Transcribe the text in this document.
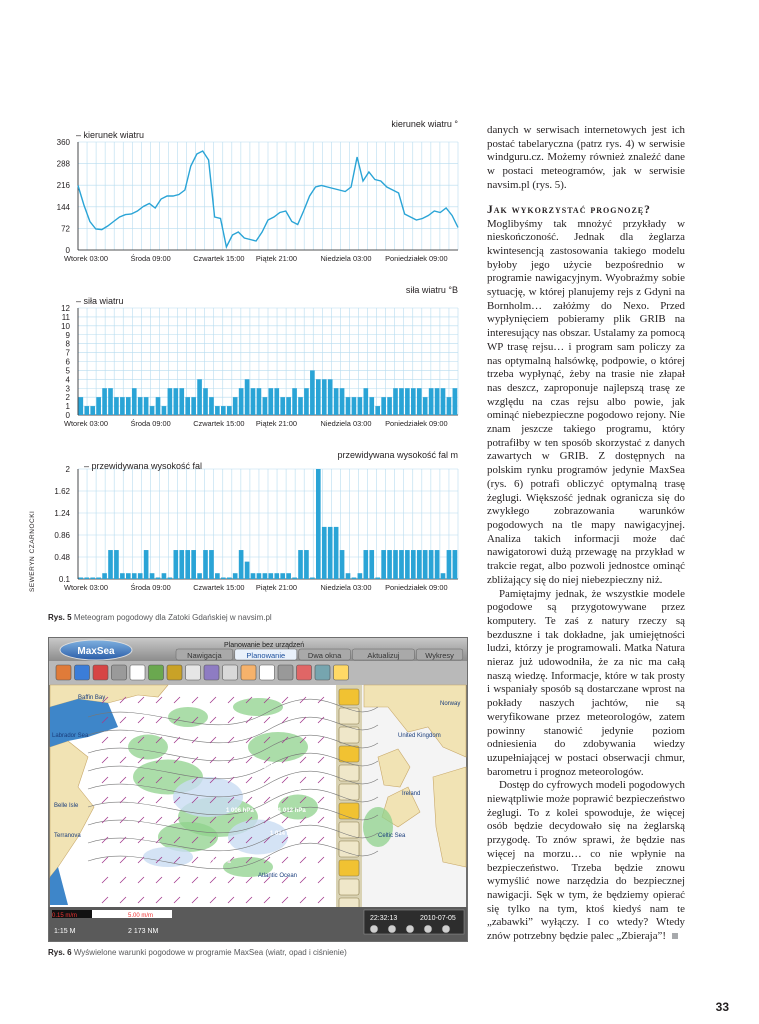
360
288
216
144
72
0
Wtorek 03:00	Środa 09:00	Czwartek 15:00 Piątek 21:00	Niedziela 03:00 Poniedziałek 09:00
kierunek wiatru °
– kierunek wiatru
12
11
10
9
8
7
6
5
4
3
2
1
0
Wtorek 03:00	Środa 09:00	Czwartek 15:00 Piątek 21:00	Niedziela 03:00 Poniedziałek 09:00
siła wiatru °B
– siła wiatru
2
1.62
1.24
0.86
0.48
0.1
Wtorek 03:00	Środa 09:00	Czwartek 15:00 Piątek 21:00	Niedziela 03:00 Poniedziałek 09:00
przewidywana wysokość fal m
– przewidywana wysokość fal
SEWERYN CZARNOCKI
Rys. 5 Meteogram pogodowy dla Zatoki Gdańskiej w navsim.pl
Planowanie bez urządzeń
MaxSea	Nawigacja	Planowanie	Dwa okna	Aktualizuj	Wykresy
1 000 hPa
1 002 hPa
1 004 hPa
1 006 hPa
1 010 hPa
1 012 hPa
1 014 hPa
1 018 hPa
1 020 hPa
Baffin Bay
Labrador Sea
Belle Isle
Terranova
Atlantic Ocean
United Kingdom
Ireland
Celtic Sea
Norway
0.15 m/m	5.00 m/m
1:15 M	2 173 NM
22:32:13	2010-07-05
Rys. 6 Wyświelone warunki pogodowe w programie MaxSea (wiatr, opad i ciśnienie)

danych w serwisach internetowych jest ich postać tabelaryczna (patrz rys. 4) w serwisie windguru.cz. Możemy również znaleźć dane w postaci meteogramów, jak w serwisie navsim.pl (rys. 5).

Jak wykorzystać prognozę?

Moglibyśmy tak mnożyć przykłady w nieskończoność. Jednak dla żeglarza kwintesencją zastosowania takiego modelu byłoby jego użycie bezpośrednio w programie nawigacyjnym. Wyobraźmy sobie sytuację, w której planujemy rejs z Gdyni na Bornholm… załóżmy do Nexo. Przed wypłynięciem pobieramy plik GRIB na interesujący nas obszar. Ustalamy za pomocą WP trasę rejsu… i program sam policzy za nas optymalną halsówkę, podpowie, o której trzeba wypłynąć, żeby na trasie nie złapał nas deszcz, zaproponuje najlepszą trasę ze względu na czas rejsu albo powie, jak ominąć niebezpieczne pogodowo rejony. Nie znam jeszcze takiego programu, który potrafiłby w ten sposób skorzystać z danych zawartych w GRIB. Z dostępnych na polskim rynku programów jedynie MaxSea (rys. 6) potrafi obliczyć optymalną trasę żeglugi. Większość jednak ogranicza się do zwykłego zobrazowania warunków pogodowych na tle mapy nawigacyjnej. Analiza takich informacji może dać nawigatorowi dużą przewagę na przykład w trakcie regat, albo pozwoli jednostce ominąć zbliżający się do niej niebezpieczny niż.

Pamiętajmy jednak, że wszystkie modele pogodowe są przygotowywane przez komputery. Te zaś z natury rzeczy są bezduszne i tak dokładne, jak umiejętności ludzi, którzy je programowali. Matka Natura nieraz już udowodniła, że za nic ma całą naszą wiedzę. Informacje, które w tak prosty i wspaniały sposób są dostarczane wprost na pokłady naszych jachtów, nie są weryfikowane przez meteorologów, zatem powinny stanowić jedynie poziom odniesienia do zdobywania wiedzy uzupełniającej w postaci obserwacji chmur, barometru i prognoz meteorologów.

Dostęp do cyfrowych modeli pogodowych niewątpliwie może poprawić bezpieczeństwo żeglugi. To z kolei spowoduje, że więcej osób będzie decydowało się na żeglarską przygodę. To znów sprawi, że będzie nas więcej na morzu… co nie wpłynie na bezpieczeństwo. Trzeba będzie znowu wymyślić nowe narzędzia do bezpiecznej nawigacji. Sęk w tym, że będziemy opierać się tylko na tym, ktoś kiedyś nam te „zabawki” wyłączy. I co wtedy? Wtedy znów potrzebny będzie palec „Zbieraja”!

33
